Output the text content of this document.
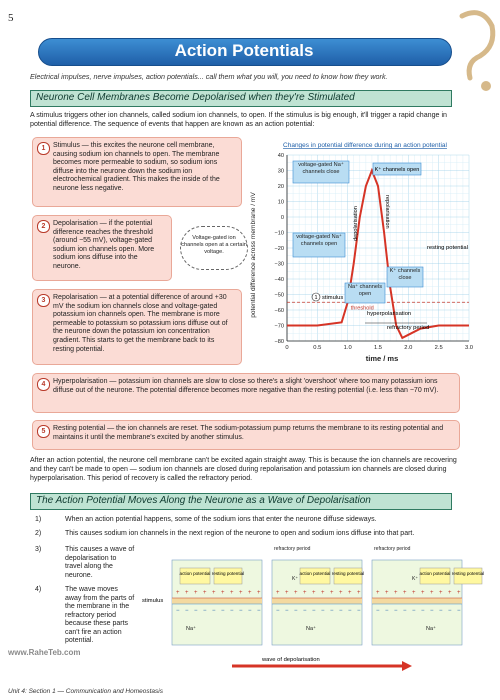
5
Action Potentials
Electrical impulses, nerve impulses, action potentials... call them what you will, you need to know how they work.
Neurone Cell Membranes Become Depolarised when they're Stimulated
A stimulus triggers other ion channels, called sodium ion channels, to open. If the stimulus is big enough, it'll trigger a rapid change in potential difference. The sequence of events that happen are known as an action potential:
1	Stimulus — this excites the neurone cell membrane, causing sodium ion channels to open. The membrane becomes more permeable to sodium, so sodium ions diffuse into the neurone down the sodium ion electrochemical gradient. This makes the inside of the neurone less negative.
2	Depolarisation — if the potential difference reaches the threshold (around −55 mV), voltage-gated sodium ion channels open. More sodium ions diffuse into the neurone.
Voltage-gated ion channels open at a certain voltage.
3	Repolarisation — at a potential difference of around +30 mV the sodium ion channels close and voltage-gated potassium ion channels open. The membrane is more permeable to potassium so potassium ions diffuse out of the neurone down the potassium ion concentration gradient. This starts to get the membrane back to its resting potential.
4	Hyperpolarisation — potassium ion channels are slow to close so there's a slight 'overshoot' where too many potassium ions diffuse out of the neurone. The potential difference becomes more negative than the resting potential (i.e. less than −70 mV).
5	Resting potential — the ion channels are reset. The sodium-potassium pump returns the membrane to its resting potential and maintains it until the membrane's excited by another stimulus.
Changes in potential difference during an action potential
40
30
20
10
0
−10
−20
−30
−40
−50
−60
−70
−80
0	0.5	1.0	1.5	2.0	2.5	3.0
potential difference across membrane / mV
time / ms
threshold
voltage-gated Na⁺ channels close	K⁺ channels open
voltage-gated Na⁺ channels open
Na⁺ channels open
K⁺ channels close
1 stimulus
depolarisation	repolarisation
hyperpolarisation
resting potential
refractory period
After an action potential, the neurone cell membrane can't be excited again straight away. This is because the ion channels are recovering and they can't be made to open — sodium ion channels are closed during repolarisation and potassium ion channels are closed during hyperpolarisation. This period of recovery is called the refractory period.
The Action Potential Moves Along the Neurone as a Wave of Depolarisation
1)	When an action potential happens, some of the sodium ions that enter the neurone diffuse sideways.
2)	This causes sodium ion channels in the next region of the neurone to open and sodium ions diffuse into that part.
3)	This causes a wave of depolarisation to travel along the neurone.
4)	The wave moves away from the parts of the membrane in the refractory period because these parts can't fire an action potential.
+
−
+
−
+
−
+
−
+
−
+
−
+
−
+
−
+
−
+
−
action potential resting potential
Na⁺
+
−
+
−
+
−
+
−
+
−
+
−
+
−
+
−
+
−
+
−
action potential resting potential
Na⁺
refractory period
K⁺
+
−
+
−
+
−
+
−
+
−
+
−
+
−
+
−
+
−
+
−
action potential resting potential
Na⁺
refractory period
K⁺
stimulus
wave of depolarisation
www.RaheTeb.com
Unit 4: Section 1 — Communication and Homeostasis
